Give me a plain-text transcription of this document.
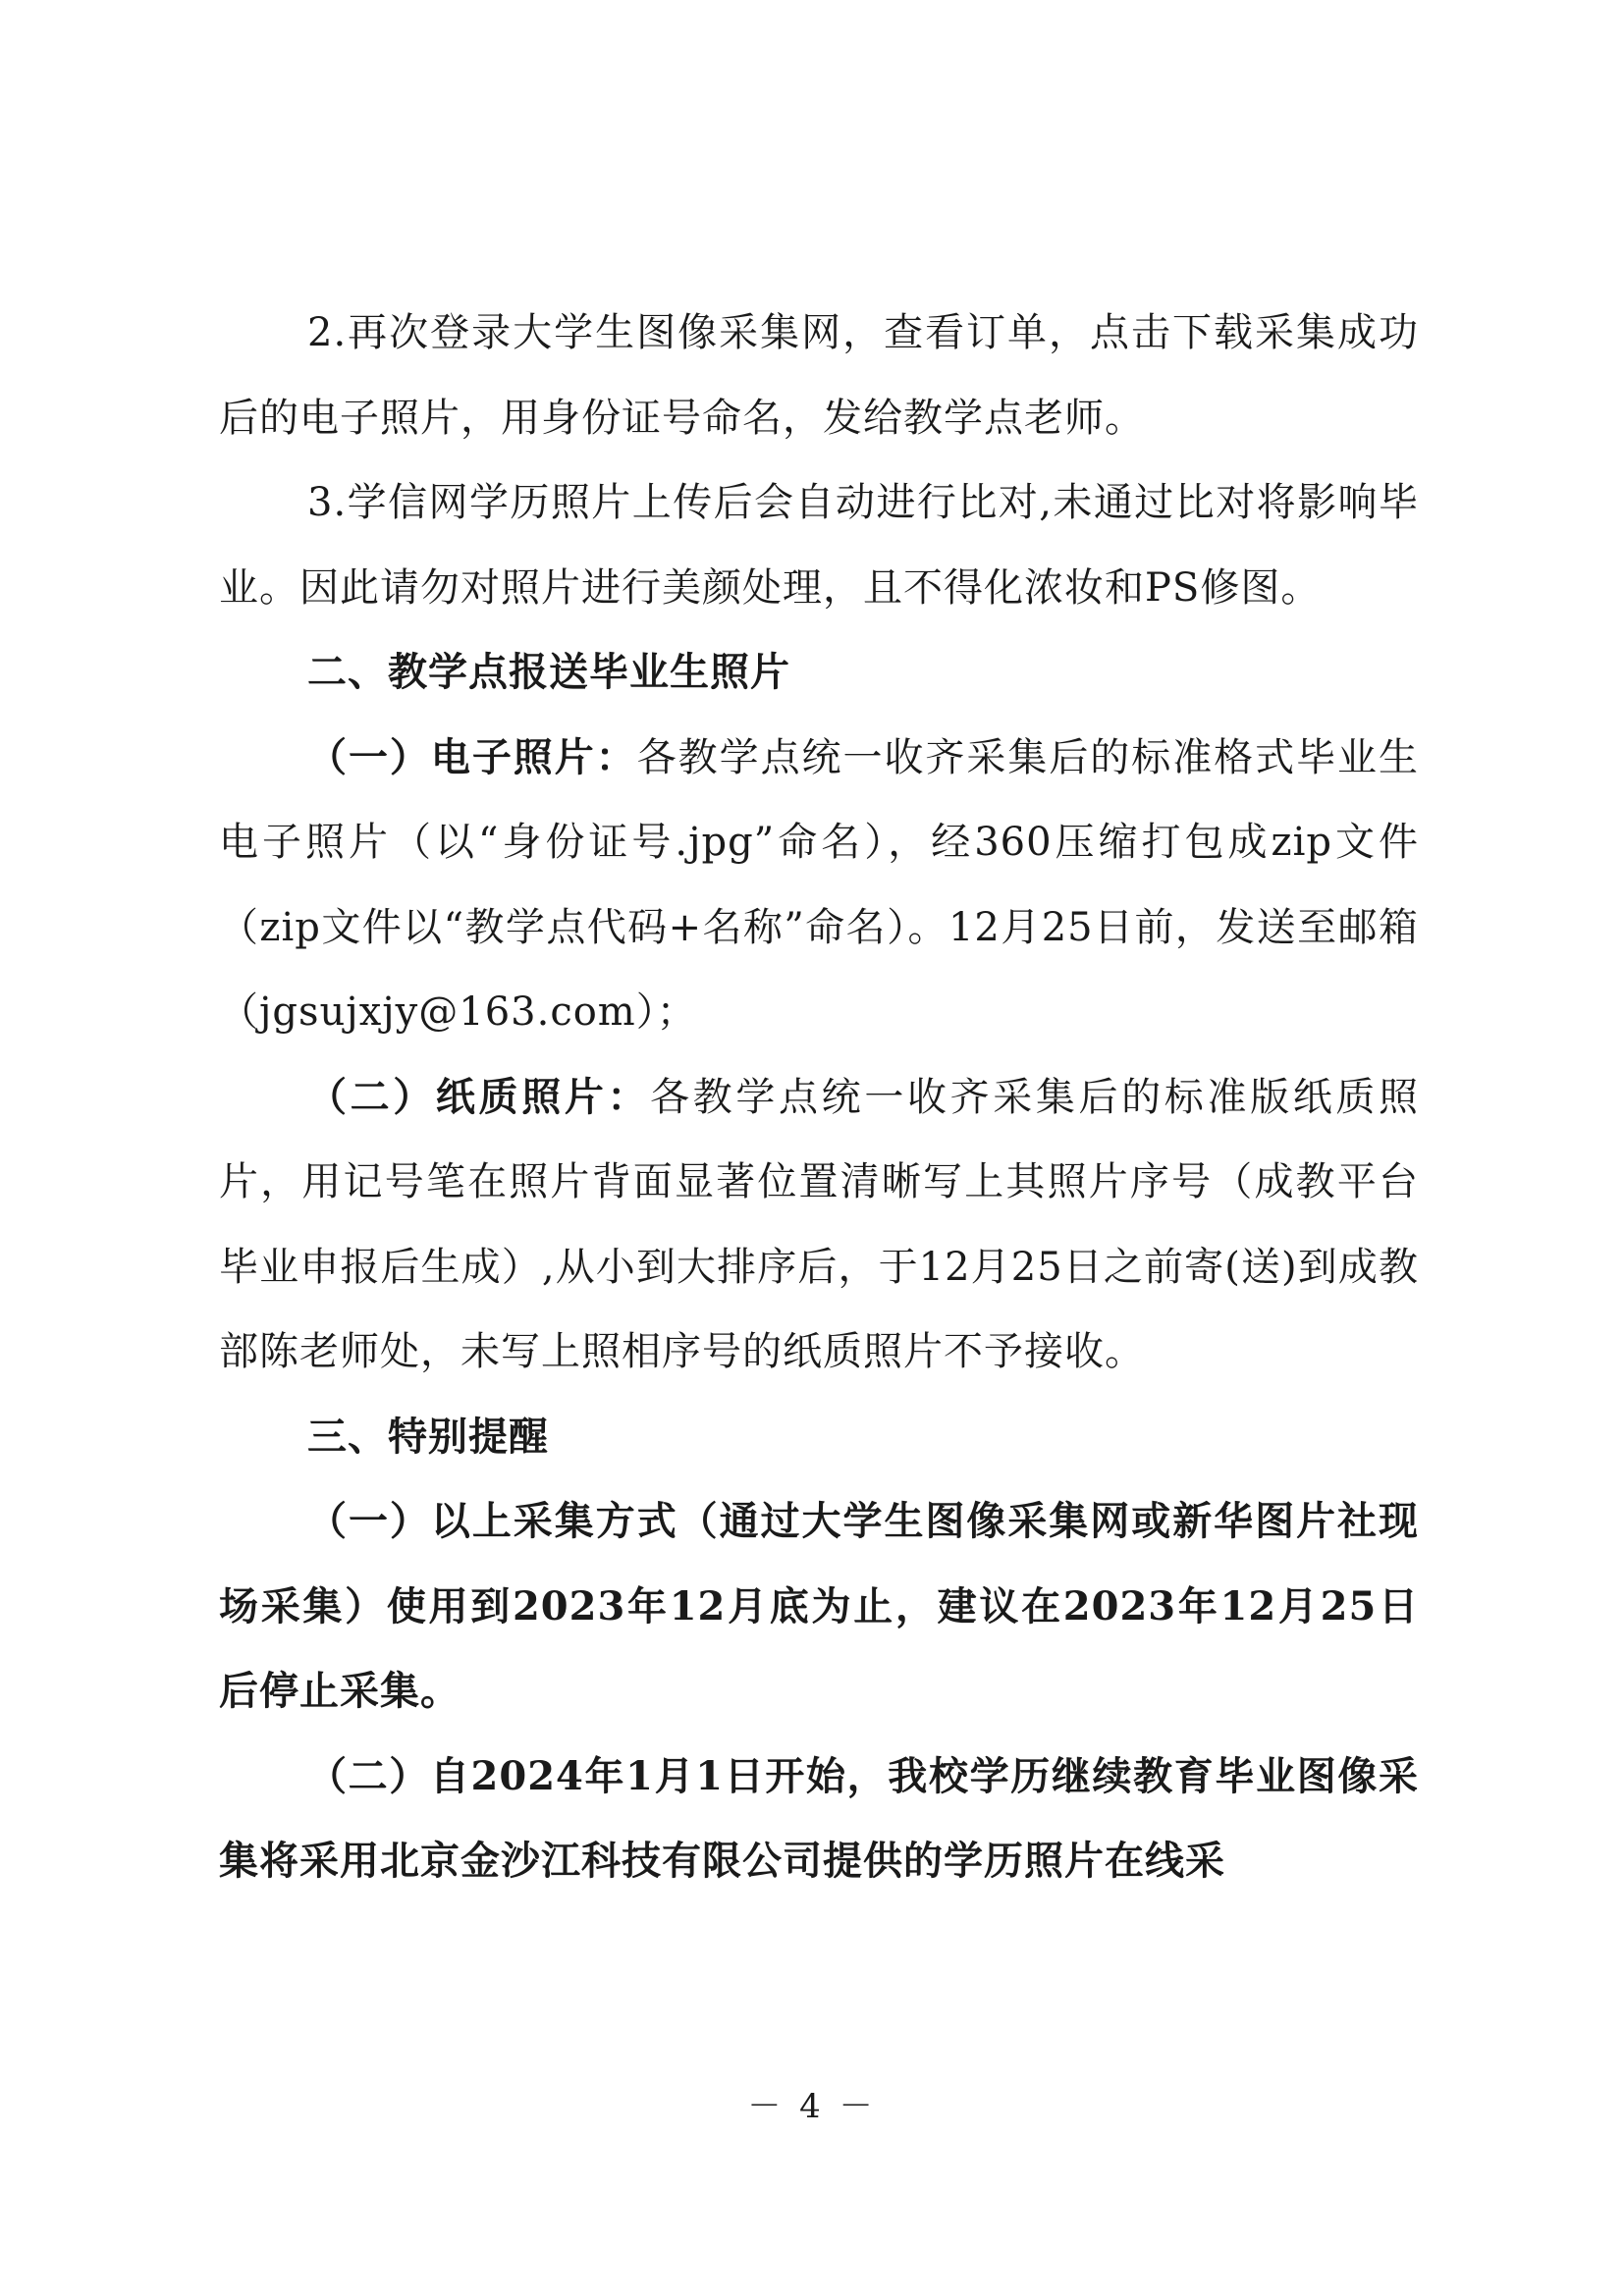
2.再次登录大学生图像采集网，查看订单，点击下载采集成功后的电子照片，用身份证号命名，发给教学点老师。

3.学信网学历照片上传后会自动进行比对,未通过比对将影响毕业。因此请勿对照片进行美颜处理，且不得化浓妆和PS修图。

二、教学点报送毕业生照片

（一）电子照片：各教学点统一收齐采集后的标准格式毕业生电子照片（以“身份证号.jpg”命名），经360压缩打包成zip文件（zip文件以“教学点代码+名称”命名）。12月25日前，发送至邮箱（jgsujxjy@163.com）；

（二）纸质照片：各教学点统一收齐采集后的标准版纸质照片，用记号笔在照片背面显著位置清晰写上其照片序号（成教平台毕业申报后生成）,从小到大排序后，于12月25日之前寄(送)到成教部陈老师处，未写上照相序号的纸质照片不予接收。

三、特别提醒

（一）以上采集方式（通过大学生图像采集网或新华图片社现场采集）使用到2023年12月底为止，建议在2023年12月25日后停止采集。

（二）自2024年1月1日开始，我校学历继续教育毕业图像采集将采用北京金沙江科技有限公司提供的学历照片在线采

－ 4 －
